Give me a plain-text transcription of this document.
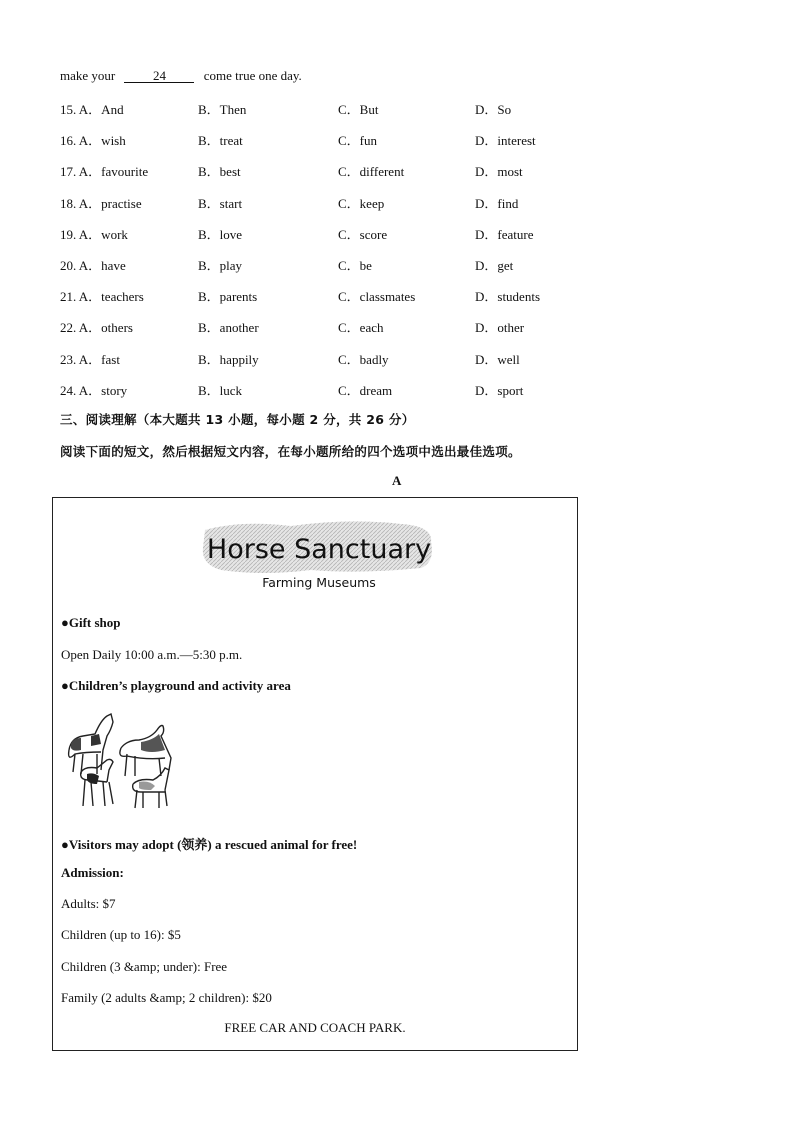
make your	24	come true one day.
15. A．And	B．Then	C．But	D．So
16. A．wish	B．treat	C．fun	D．interest
17. A．favourite	B．best	C．different	D．most
18. A．practise	B．start	C．keep	D．find
19. A．work	B．love	C．score	D．feature
20. A．have	B．play	C．be	D．get
21. A．teachers	B．parents	C．classmates	D．students
22. A．others	B．another	C．each	D．other
23. A．fast	B．happily	C．badly	D．well
24. A．story	B．luck	C．dream	D．sport
三、阅读理解（本大题共 13 小题，每小题 2 分，共 26 分）
阅读下面的短文，然后根据短文内容，在每小题所给的四个选项中选出最佳选项。
A
Horse Sanctuary
Farming Museums
●Gift shop
Open Daily 10:00 a.m.—5:30 p.m.
●Children’s playground and activity area
●Visitors may adopt (领养) a rescued animal for free!
Admission:
Adults: $7
Children (up to 16): $5
Children (3 &amp; under): Free
Family (2 adults &amp; 2 children): $20
FREE CAR AND COACH PARK.
